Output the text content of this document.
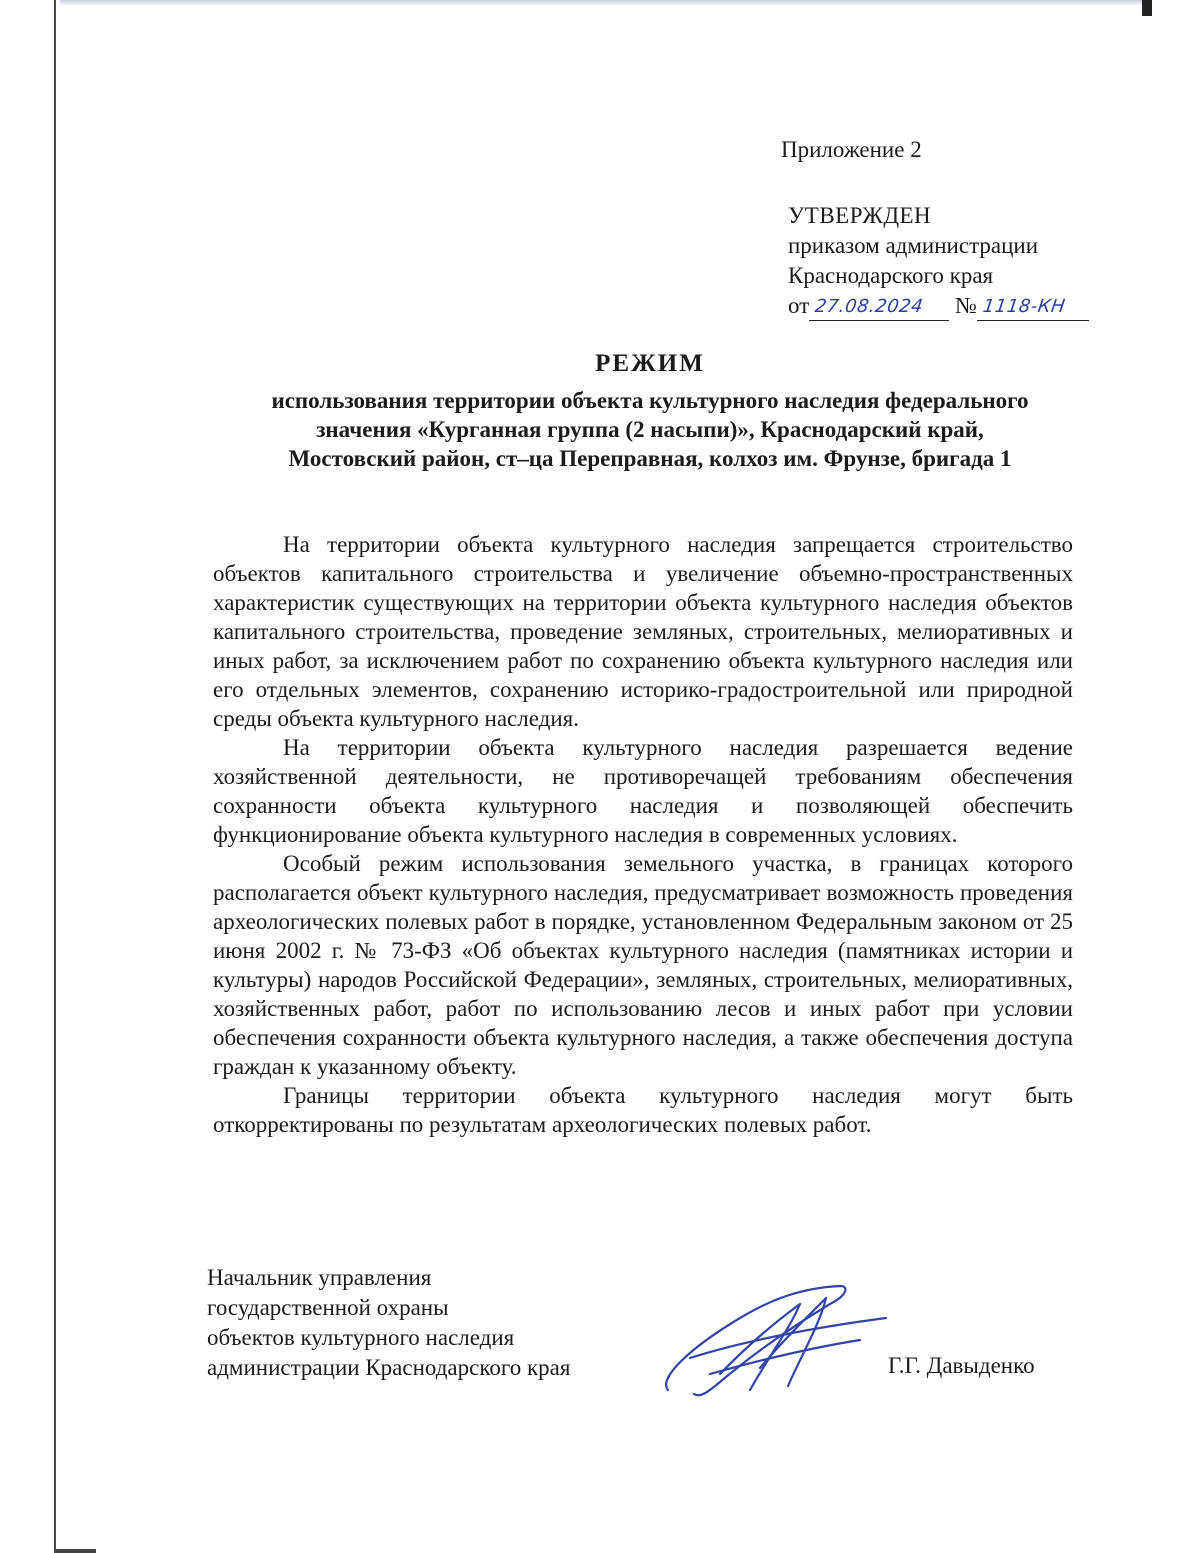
Приложение 2
УТВЕРЖДЕН
приказом администрации
Краснодарского края
от 27.08.2024 № 1118-КН
РЕЖИМ
использования территории объекта культурного наследия федерального
значения «Курганная группа (2 насыпи)», Краснодарский край,
Мостовский район, ст–ца Переправная, колхоз им. Фрунзе, бригада 1

На территории объекта культурного наследия запрещается строительство объектов капитального строительства и увеличение объемно-пространственных характеристик существующих на территории объекта культурного наследия объектов капитального строительства, проведение земляных, строительных, мелиоративных и иных работ, за исключением работ по сохранению объекта культурного наследия или его отдельных элементов, сохранению историко-градостроительной или природной среды объекта культурного наследия.

На территории объекта культурного наследия разрешается ведение хозяйственной деятельности, не противоречащей требованиям обеспечения сохранности объекта культурного наследия и позволяющей обеспечить функционирование объекта культурного наследия в современных условиях.

Особый режим использования земельного участка, в границах которого располагается объект культурного наследия, предусматривает возможность проведения археологических полевых работ в порядке, установленном Федеральным законом от 25 июня 2002 г. № 73-ФЗ «Об объектах культурного наследия (памятниках истории и культуры) народов Российской Федерации», земляных, строительных, мелиоративных, хозяйственных работ, работ по использованию лесов и иных работ при условии обеспечения сохранности объекта культурного наследия, а также обеспечения доступа граждан к указанному объекту.

Границы территории объекта культурного наследия могут быть откорректированы по результатам археологических полевых работ.

Начальник управления
государственной охраны
объектов культурного наследия
администрации Краснодарского края	Г.Г. Давыденко
